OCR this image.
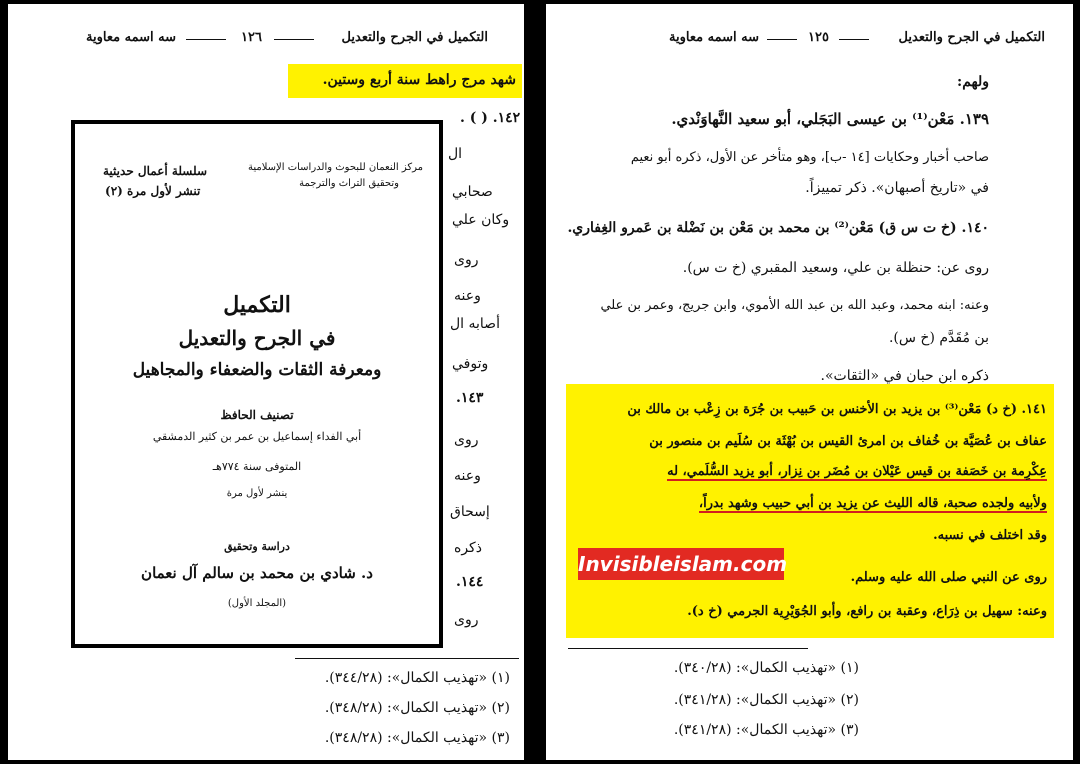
التكميل في الجرح والتعديل
١٢٦
سه اسمه معاوية
شهد مرج راهط سنة أربع وستين.
١٤٢. ( ) .
ال
صحابي
وكان علي
روى
وعنه
أصابه ال
وتوفي
١٤٣.
روى
وعنه
إسحاق
ذكره
١٤٤.
روى
(١) «تهذيب الكمال»: (٣٤٤/٢٨).
(٢) «تهذيب الكمال»: (٣٤٨/٢٨).
(٣) «تهذيب الكمال»: (٣٤٨/٢٨).
مركز النعمان للبحوث والدراسات الإسلامية
وتحقيق التراث والترجمة
سلسلة أعمال حديثية
تنشر لأول مرة (٢)
التكميل
في الجرح والتعديل
ومعرفة الثقات والضعفاء والمجاهيل
تصنيف الحافظ
أبي الفداء إسماعيل بن عمر بن كثير الدمشقي
المتوفى سنة ٧٧٤هـ
ينشر لأول مرة
دراسة وتحقيق
د. شادي بن محمد بن سالم آل نعمان
(المجلد الأول)
التكميل في الجرح والتعديل
١٢٥
سه اسمه معاوية
ولهم:
١٣٩. مَعْن⁽¹⁾ بن عيسى البَجَلي، أبو سعيد النَّهاوَنْدي.
صاحب أخبار وحكايات [١٤ -ب]، وهو متأخر عن الأول، ذكره أبو نعيم
في «تاريخ أصبهان». ذكر تمييزاً.
١٤٠. (خ ت س ق) مَعْن⁽²⁾ بن محمد بن مَعْن بن نَضْلة بن عَمرو الغِفاري.
روى عن: حنظلة بن علي، وسعيد المقبري (خ ت س).
وعنه: ابنه محمد، وعبد الله بن عبد الله الأموي، وابن جريج، وعمر بن علي
بن مُقَدَّم (خ س).
ذكره ابن حبان في «الثقات».
١٤١. (خ د) مَعْن⁽³⁾ بن يزيد بن الأخنس بن حَبيب بن جُرَة بن زِعْب بن مالك بن
عفاف بن عُصَيَّة بن خُفاف بن امرئ القيس بن بُهْثَة بن سُلَيم بن منصور بن
عِكْرِمة بن خَصَفة بن قيس عَيْلان بن مُضَر بن نِزار، أبو يزيد السُّلَمي، له
ولأبيه ولجده صحبة، قاله الليث عن يزيد بن أبي حبيب وشهد بدراً،
وقد اختلف في نسبه.
روى عن النبي صلى الله عليه وسلم.
وعنه: سهيل بن ذِرَاع، وعقبة بن رافع، وأبو الجُوَيْرِية الجرمي (خ د).
(١) «تهذيب الكمال»: (٣٤٠/٢٨).
(٢) «تهذيب الكمال»: (٣٤١/٢٨).
(٣) «تهذيب الكمال»: (٣٤١/٢٨).
Invisibleislam.com
